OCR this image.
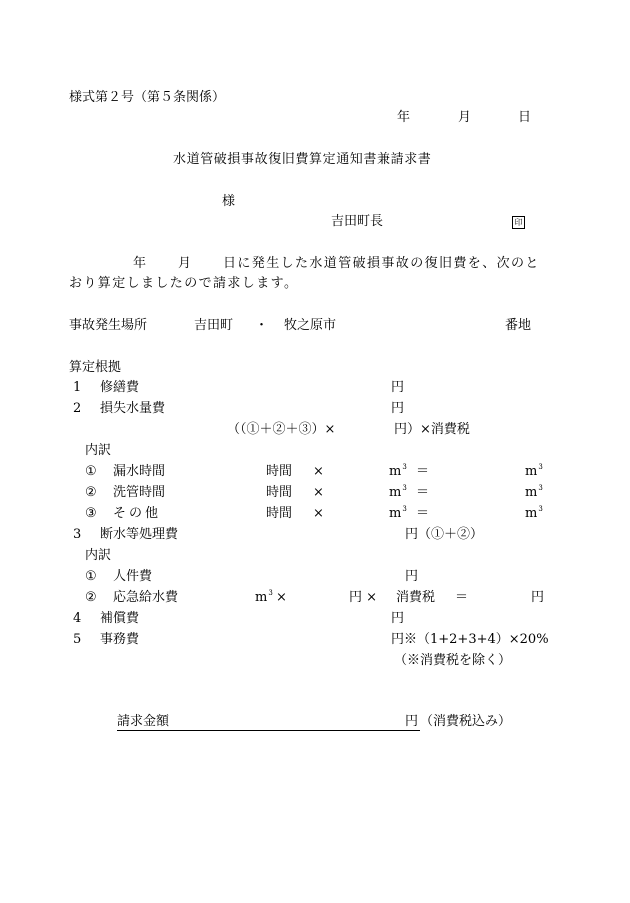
様式第２号（第５条関係）
年	月	日
水道管破損事故復旧費算定通知書兼請求書
様
吉田町長	印
年 月 日に発生した水道管破損事故の復旧費を、次のと
おり算定しましたので請求します。
事故発生場所	吉田町 ・ 牧之原市	番地
算定根拠
1 修繕費	円
2 損失水量費	円
（（①＋②＋③）×	円）×消費税
内訳
① 漏水時間	時間 ×	$m^3$ ＝	$m^3$
② 洗管時間	時間 ×	$m^3$ ＝	$m^3$
③ その他	時間 ×	$m^3$ ＝	$m^3$
3 断水等処理費	円（①＋②）
内訳
① 人件費	円
② 応急給水費	$m^3$ ×	円 × 消費税 ＝	円
4 補償費	円
5 事務費	円※（1+2+3+4）×20%
（※消費税を除く）
請求金額	円 （消費税込み）
